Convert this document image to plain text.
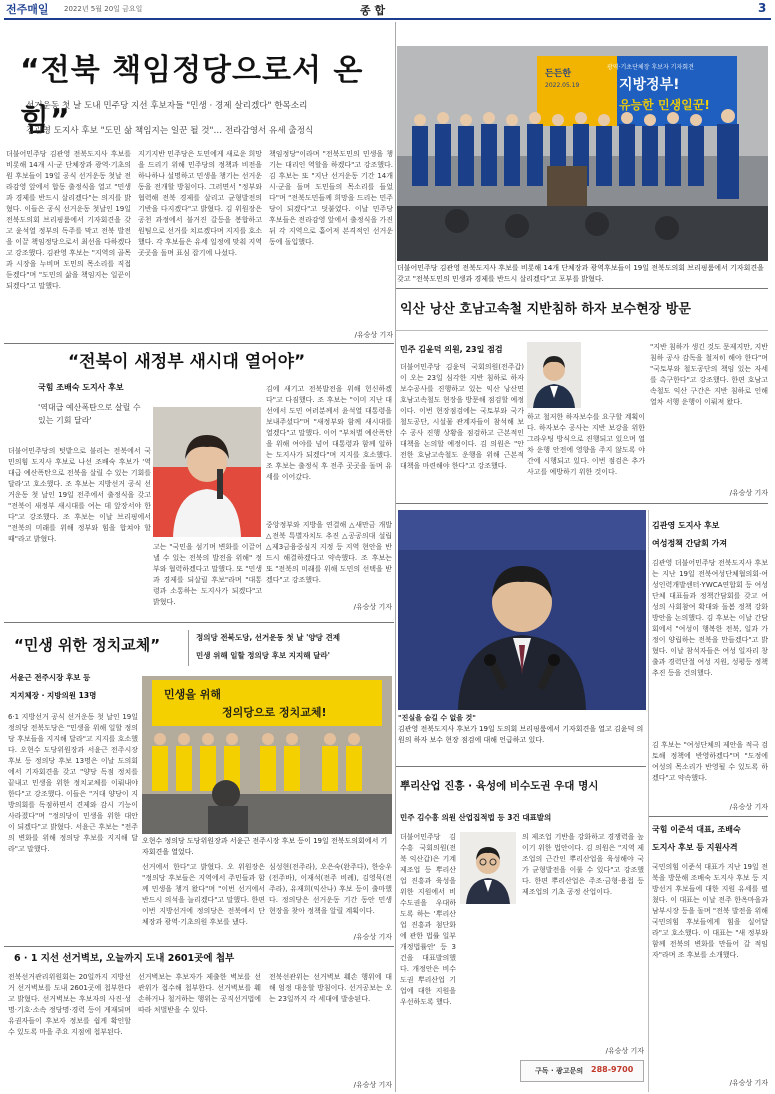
전주매일	2022년 5월 20일 금요일	종 합	3
“전북 책임정당으로서 온 힘”
선거운동 첫 날 도내 민주당 지선 후보자들 "민생 · 경제 살리겠다" 한목소리
김관영 도지사 후보 "도민 삶 책임지는 일꾼 될 것"… 전라감영서 유세 출정식
더불어민주당 김관영 전북도지사 후보를 비롯해 14개 시·군 단체장과 광역·기초의원 후보들이 19일 공식 선거운동 첫날 전라감영 앞에서 합동 출정식을 열고 "민생과 경제를 반드시 살리겠다"는 의지를 밝혔다. 이들은 공식 선거운동 첫날인 19일 전북도의회 브리핑룸에서 기자회견을 갖고 윤석열 정부의 독주를 막고 전북 발전을 이끌 책임정당으로서 최선을 다하겠다고 강조했다. 김관영 후보는 "지역의 골목과 시장을 누비며 도민의 목소리를 직접 듣겠다"며 "도민의 삶을 책임지는 일꾼이 되겠다"고 말했다.
지기지반 민주당은 도민에게 새로운 희망을 드리기 위해 민주당의 정책과 비전을 하나하나 설명하고 민생을 챙기는 선거운동을 전개할 방침이다. 그러면서 "정부와 협력해 전북 경제를 살리고 균형발전의 기반을 다지겠다"고 밝혔다. 김 위원장은 공천 과정에서 불거진 갈등을 봉합하고 원팀으로 선거를 치르겠다며 지지를 호소했다. 각 후보들은 유세 일정에 맞춰 지역 곳곳을 돌며 표심 잡기에 나섰다.
책임정당"이라며 "전북도민의 민생을 챙기는 대리인 역할을 하겠다"고 강조했다. 김 후보는 또 "지난 선거운동 기간 14개 시·군을 돌며 도민들의 목소리를 들었다"며 "전북도민들께 희망을 드리는 민주당이 되겠다"고 덧붙였다. 이날 민주당 후보들은 전라감영 앞에서 출정식을 가진 뒤 각 지역으로 흩어져 본격적인 선거운동에 돌입했다.
/유승상 기자
광역·기초단체장 후보자 기자회견
든든한
2022.05.19	지방정부!
유능한 민생일꾼!
더불어민주당 김관영 전북도지사 후보를 비롯해 14개 단체장과 광역후보들이 19일 전북도의회 브리핑룸에서 기자회견을 갖고 "전북도민의 민생과 경제를 반드시 살리겠다"고 포부를 밝혔다.
“전북이 새정부 새시대 열어야”
국힘 조배숙 도지사 후보
'역대급 예산폭탄으로 살릴 수 있는 기회 달라'
더불어민주당의 텃밭으로 불리는 전북에서 국민의힘 도지사 후보로 나선 조배숙 후보가 '역대급 예산폭탄으로 전북을 살릴 수 있는 기회를 달라'고 호소했다. 조 후보는 지방선거 공식 선거운동 첫 날인 19일 전주에서 출정식을 갖고 "전북이 새정부 새시대를 여는 데 앞장서야 한다"고 강조했다. 조 후보는 이날 브리핑에서 "전북의 미래를 위해 정부와 힘을 합쳐야 할 때"라고 밝혔다.
고는 "국민을 섬기며 변화를 이끌어 낼 수 있는 전북의 발전을 위해" 정부와 협력하겠다고 말했다. 또 "민생과 경제를 되살릴 후보"라며 "대통령과 소통하는 도지사가 되겠다"고 밝혔다.
김에 새기고 전북발전을 위해 헌신하겠다"고 다짐했다. 조 후보는 "이미 지난 대선에서 도민 여러분께서 윤석열 대통령을 보내주셨다"며 "새정부와 함께 새시대를 열겠다"고 말했다. 이어 "부처별 예산폭탄을 위해 여야를 넘어 대통령과 함께 일하는 도지사가 되겠다"며 지지를 호소했다. 조 후보는 출정식 후 전주 곳곳을 돌며 유세를 이어갔다.
중앙정부와 지방을 연결해 △새만금 개발 △전북 특별자치도 추진 △공공의대 설립 △제3금융중심지 지정 등 지역 현안을 반드시 해결하겠다고 약속했다. 조 후보는 또 "전북의 미래를 위해 도민의 선택을 받겠다"고 강조했다.
/유승상 기자
“민생 위한 정치교체”	정의당 전북도당, 선거운동 첫 날 '양당 견제
민생 위해 일할 정의당 후보 지지해 달라'
서윤근 전주시장 후보 등
지지체장 · 지방의원 13명
6·1 지방선거 공식 선거운동 첫 날인 19일 정의당 전북도당은 "민생을 위해 일할 정의당 후보들을 지지해 달라"고 지지를 호소했다. 오현수 도당위원장과 서윤근 전주시장 후보 등 정의당 후보 13명은 이날 도의회에서 기자회견을 갖고 "양당 독점 정치를 끝내고 민생을 위한 정치교체를 이뤄내야 한다"고 강조했다. 이들은 "거대 양당이 지방의회를 독점하면서 견제와 감시 기능이 사라졌다"며 "정의당이 민생을 위한 대안이 되겠다"고 밝혔다. 서윤근 후보는 "전주의 변화를 위해 정의당 후보를 지지해 달라"고 말했다.
민생을 위해
정의당으로 정치교체!
오현수 정의당 도당위원장과 서윤근 전주시장 후보 등이 19일 전북도의회에서 기자회견을 열었다.
선거에서 한다"고 밝혔다. 오 위원장은 "정의당 후보들은 지역에서 주민들과 함께 민생을 챙겨 왔다"며 "이번 선거에서 반드시 의석을 늘리겠다"고 말했다. 한편 이번 지방선거에 정의당은 전북에서 단체장과 광역·기초의원 후보를 냈다.
심성현(전주라), 오은숙(완주다), 한승우(전주바), 이재석(전주 비례), 김영묵(전주라), 유재희(익산나) 후보 등이 출마했다. 정의당은 선거운동 기간 동안 민생 현장을 찾아 정책을 알릴 계획이다.
/유승상 기자
6 · 1 지선 선거벽보, 오늘까지 도내 2601곳에 첩부
전북선거관리위원회는 20일까지 지방선거 선거벽보를 도내 2601곳에 첩부한다고 밝혔다. 선거벽보는 후보자의 사진·성명·기호·소속 정당명·경력 등이 게재되며 유권자들이 후보자 정보를 쉽게 확인할 수 있도록 마을 주요 지점에 첩부된다.
선거벽보는 후보자가 제출한 벽보를 선관위가 접수해 첩부한다. 선거벽보를 훼손하거나 철거하는 행위는 공직선거법에 따라 처벌받을 수 있다.
전북선관위는 선거벽보 훼손 행위에 대해 엄정 대응할 방침이다. 선거공보는 오는 23일까지 각 세대에 발송된다.
/유승상 기자
익산 낭산 호남고속철 지반침하 하자 보수현장 방문
민주 김윤덕 의원, 23일 점검
더불어민주당 김윤덕 국회의원(전주갑)이 오는 23일 심각한 지반 침하로 하자 보수공사를 진행하고 있는 익산 낭산면 호남고속철도 현장을 방문해 점검할 예정이다. 이번 현장점검에는 국토부와 국가철도공단, 시설물 관계자들이 참석해 보수 공사 진행 상황을 점검하고 근본적인 대책을 논의할 예정이다. 김 의원은 "안전한 호남고속철도 운행을 위해 근본적 대책을 마련해야 한다"고 강조했다.
하고 철저한 하자보수를 요구할 계획이다. 하자보수 공사는 지반 보강을 위한 그라우팅 방식으로 진행되고 있으며 열차 운행 안전에 영향을 주지 않도록 야간에 시행되고 있다. 이번 점검은 추가 사고를 예방하기 위한 것이다.
"지반 침하가 생긴 것도 문제지만, 지반 침하 공사 감독을 철저히 해야 한다"며 "국토부와 철도공단의 책임 있는 자세를 촉구한다"고 강조했다. 한편 호남고속철도 익산 구간은 지반 침하로 인해 열차 서행 운행이 이뤄져 왔다.
/유승상 기자
"진실을 숨길 수 없을 것"
김관영 전북도지사 후보가 19일 도의회 브리핑룸에서 기자회견을 열고 김윤덕 의원의 하자 보수 현장 점검에 대해 언급하고 있다.
김관영 도지사 후보
여성정책 간담회 가져
김관영 더불어민주당 전북도지사 후보는 지난 19일 전북여성단체협의회·여성인력개발센터·YWCA연합회 등 여성단체 대표들과 정책간담회를 갖고 여성의 사회참여 확대와 돌봄 정책 강화 방안을 논의했다. 김 후보는 이날 간담회에서 "여성이 행복한 전북, 일과 가정이 양립하는 전북을 만들겠다"고 밝혔다. 이날 참석자들은 여성 일자리 창출과 경력단절 여성 지원, 성평등 정책 추진 등을 건의했다.
김 후보는 "여성단체의 제안을 적극 검토해 정책에 반영하겠다"며 "도정에 여성의 목소리가 반영될 수 있도록 하겠다"고 약속했다.
/유승상 기자
뿌리산업 진흥 · 육성에 비수도권 우대 명시
민주 김수흥 의원 산업집적법 등 3건 대표발의
더불어민주당 김수흥 국회의원(전북 익산갑)은 기계제조업 등 뿌리산업 진흥과 육성을 위한 지원에서 비수도권을 우대하도록 하는 '뿌리산업 진흥과 첨단화에 관한 법률 일부개정법률안' 등 3건을 대표발의했다. 개정안은 비수도권 뿌리산업 기업에 대한 지원을 우선하도록 했다.
의 제조업 기반을 강화하고 경쟁력을 높이기 위한 법안이다. 김 의원은 "지역 제조업의 근간인 뿌리산업을 육성해야 국가 균형발전을 이룰 수 있다"고 강조했다. 한편 뿌리산업은 주조·금형·용접 등 제조업의 기초 공정 산업이다.
/유승상 기자
구독 · 광고문의 288-9700
국힘 이준석 대표, 조배숙
도지사 후보 등 지원사격
국민의힘 이준석 대표가 지난 19일 전북을 방문해 조배숙 도지사 후보 등 지방선거 후보들에 대한 지원 유세를 펼쳤다. 이 대표는 이날 전주 한옥마을과 남부시장 등을 돌며 "전북 발전을 위해 국민의힘 후보들에게 힘을 실어달라"고 호소했다. 이 대표는 "새 정부와 함께 전북의 변화를 만들어 갈 적임자"라며 조 후보를 소개했다.
/유승상 기자
